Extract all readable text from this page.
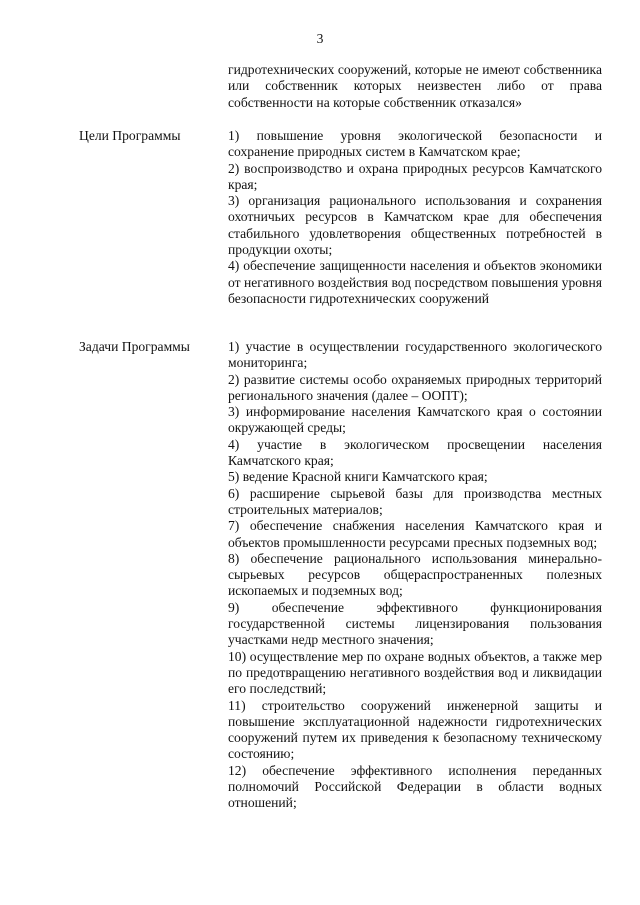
3

гидротехнических сооружений, которые не имеют собственника или собственник которых неизвестен либо от права собственности на которые собственник отказался»

Цели Программы	1) повышение уровня экологической безопасности и сохранение природных систем в Камчатском крае;

2) воспроизводство и охрана природных ресурсов Камчатского края;

3) организация рационального использования и сохранения охотничьих ресурсов в Камчатском крае для обеспечения стабильного удовлетворения общественных потребностей в продукции охоты;

4) обеспечение защищенности населения и объектов экономики от негативного воздействия вод посредством повышения уровня безопасности гидротехнических сооружений

Задачи Программы	1) участие в осуществлении государственного экологического мониторинга;

2) развитие системы особо охраняемых природных территорий регионального значения (далее – ООПТ);

3) информирование населения Камчатского края о состоянии окружающей среды;

4) участие в экологическом просвещении населения Камчатского края;

5) ведение Красной книги Камчатского края;

6) расширение сырьевой базы для производства местных строительных материалов;

7) обеспечение снабжения населения Камчатского края и объектов промышленности ресурсами пресных подземных вод;

8) обеспечение рационального использования минерально-сырьевых ресурсов общераспространенных полезных ископаемых и подземных вод;

9) обеспечение эффективного функционирования государственной системы лицензирования пользования участками недр местного значения;

10) осуществление мер по охране водных объектов, а также мер по предотвращению негативного воздействия вод и ликвидации его последствий;

11) строительство сооружений инженерной защиты и повышение эксплуатационной надежности гидротехнических сооружений путем их приведения к безопасному техническому состоянию;

12) обеспечение эффективного исполнения переданных полномочий Российской Федерации в области водных отношений;
